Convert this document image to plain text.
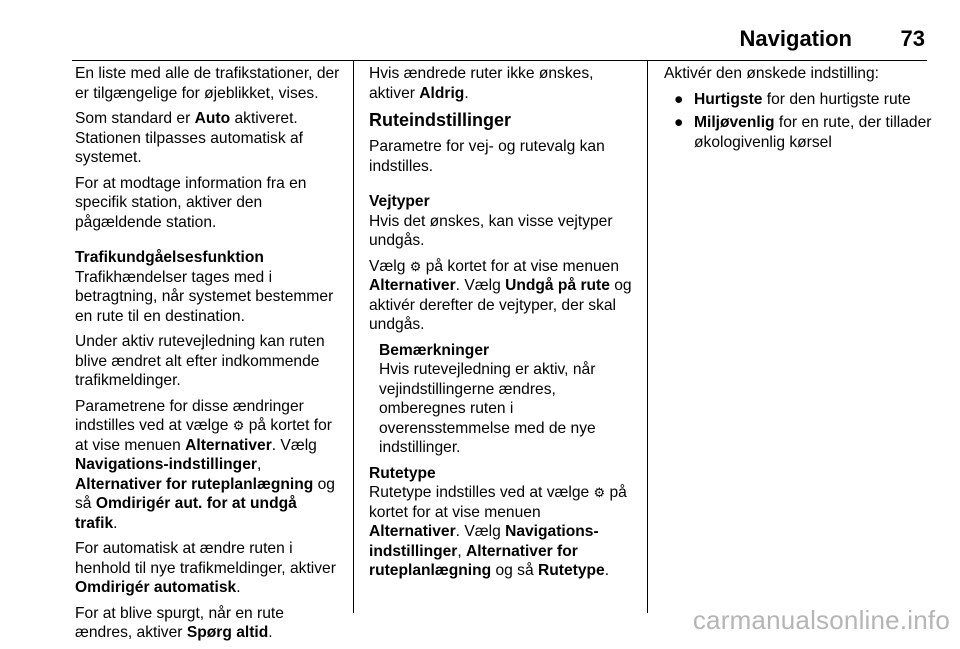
Navigation 73

En liste med alle de trafikstationer, der er tilgængelige for øjeblikket, vises.

Som standard er Auto aktiveret. Stationen tilpasses automatisk af systemet.

For at modtage information fra en specifik station, aktiver den pågældende station.

Trafikundgåelsesfunktion

Trafikhændelser tages med i betragtning, når systemet bestemmer en rute til en destination.

Under aktiv rutevejledning kan ruten blive ændret alt efter indkommende trafikmeldinger.

Parametrene for disse ændringer indstilles ved at vælge ⚙ på kortet for at vise menuen Alternativer. Vælg Navigations-indstillinger, Alternativer for ruteplanlægning og så Omdirigér aut. for at undgå trafik.

For automatisk at ændre ruten i henhold til nye trafikmeldinger, aktiver Omdirigér automatisk.

For at blive spurgt, når en rute ændres, aktiver Spørg altid.

Hvis ændrede ruter ikke ønskes, aktiver Aldrig.

Ruteindstillinger

Parametre for vej- og rutevalg kan indstilles.

Vejtyper

Hvis det ønskes, kan visse vejtyper undgås.

Vælg ⚙ på kortet for at vise menuen Alternativer. Vælg Undgå på rute og aktivér derefter de vejtyper, der skal undgås.

Bemærkninger

Hvis rutevejledning er aktiv, når vejindstillingerne ændres, omberegnes ruten i overensstemmelse med de nye indstillinger.

Rutetype

Rutetype indstilles ved at vælge ⚙ på kortet for at vise menuen Alternativer. Vælg Navigations-indstillinger, Alternativer for ruteplanlægning og så Rutetype.

Aktivér den ønskede indstilling:

● Hurtigste for den hurtigste rute
● Miljøvenlig for en rute, der tillader økologivenlig kørsel
carmanualsonline.info
